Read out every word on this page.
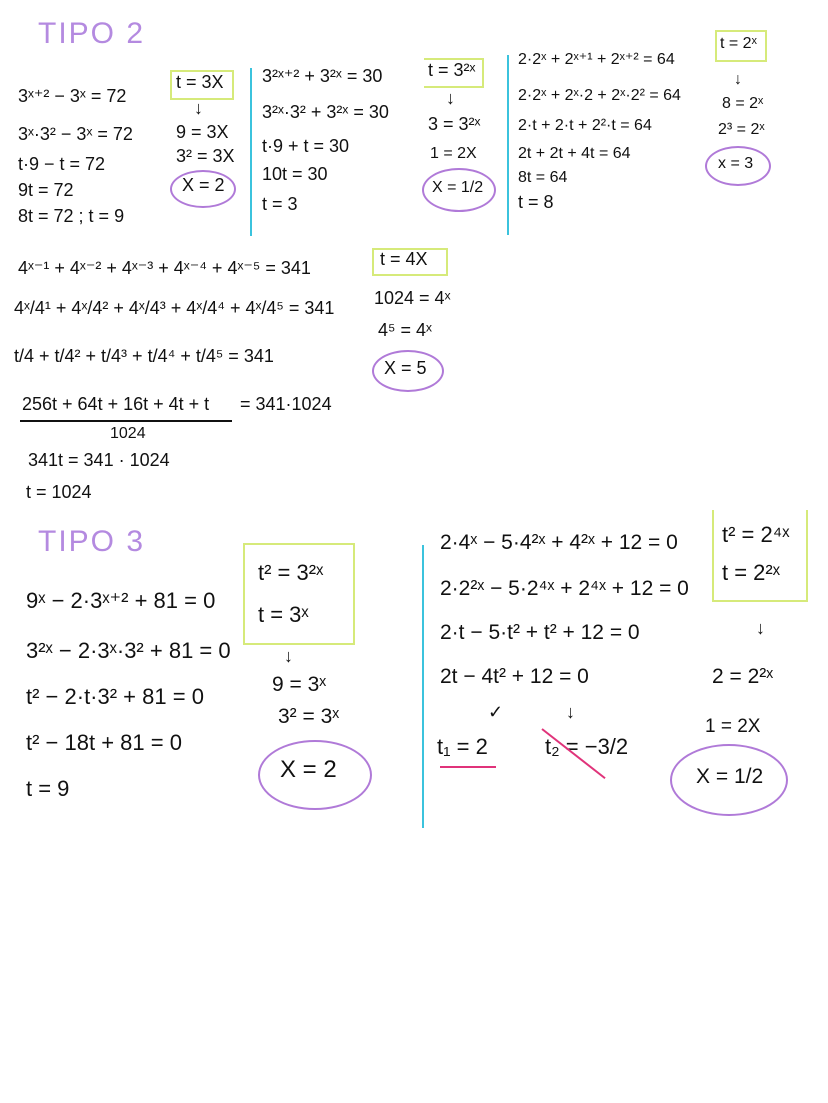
TIPO 2
3ˣ⁺² − 3ˣ = 72
3ˣ·3² − 3ˣ = 72
t·9 − t = 72
9t = 72
8t = 72 ; t = 9
t = 3X
↓
9 = 3X
3² = 3X
X = 2
3²ˣ⁺² + 3²ˣ = 30
3²ˣ·3² + 3²ˣ = 30
t·9 + t = 30
10t = 30
t = 3
t = 3²ˣ
↓
3 = 3²ˣ
1 = 2X
X = 1/2
2·2ˣ + 2ˣ⁺¹ + 2ˣ⁺² = 64
2·2ˣ + 2ˣ·2 + 2ˣ·2² = 64
2·t + 2·t + 2²·t = 64
2t + 2t + 4t = 64
8t = 64
t = 8
t = 2ˣ
↓
8 = 2ˣ
2³ = 2ˣ
x = 3
4ˣ⁻¹ + 4ˣ⁻² + 4ˣ⁻³ + 4ˣ⁻⁴ + 4ˣ⁻⁵ = 341
4ˣ/4¹ + 4ˣ/4² + 4ˣ/4³ + 4ˣ/4⁴ + 4ˣ/4⁵ = 341
t/4 + t/4² + t/4³ + t/4⁴ + t/4⁵ = 341
256t + 64t + 16t + 4t + t = 341·1024
1024
341t = 341 · 1024
t = 1024
t = 4X
1024 = 4ˣ
4⁵ = 4ˣ
X = 5
TIPO 3
9ˣ − 2·3ˣ⁺² + 81 = 0
3²ˣ − 2·3ˣ·3² + 81 = 0
t² − 2·t·3² + 81 = 0
t² − 18t + 81 = 0
t = 9
t² = 3²ˣ
t = 3ˣ
↓
9 = 3ˣ
3² = 3ˣ
X = 2
2·4ˣ − 5·4²ˣ + 4²ˣ + 12 = 0
2·2²ˣ − 5·2⁴ˣ + 2⁴ˣ + 12 = 0
2·t − 5·t² + t² + 12 = 0
2t − 4t² + 12 = 0
✓	↓
t₁ = 2	t₂ = −3/2
t² = 2⁴ˣ
t = 2²ˣ
↓
2 = 2²ˣ
1 = 2X
X = 1/2
